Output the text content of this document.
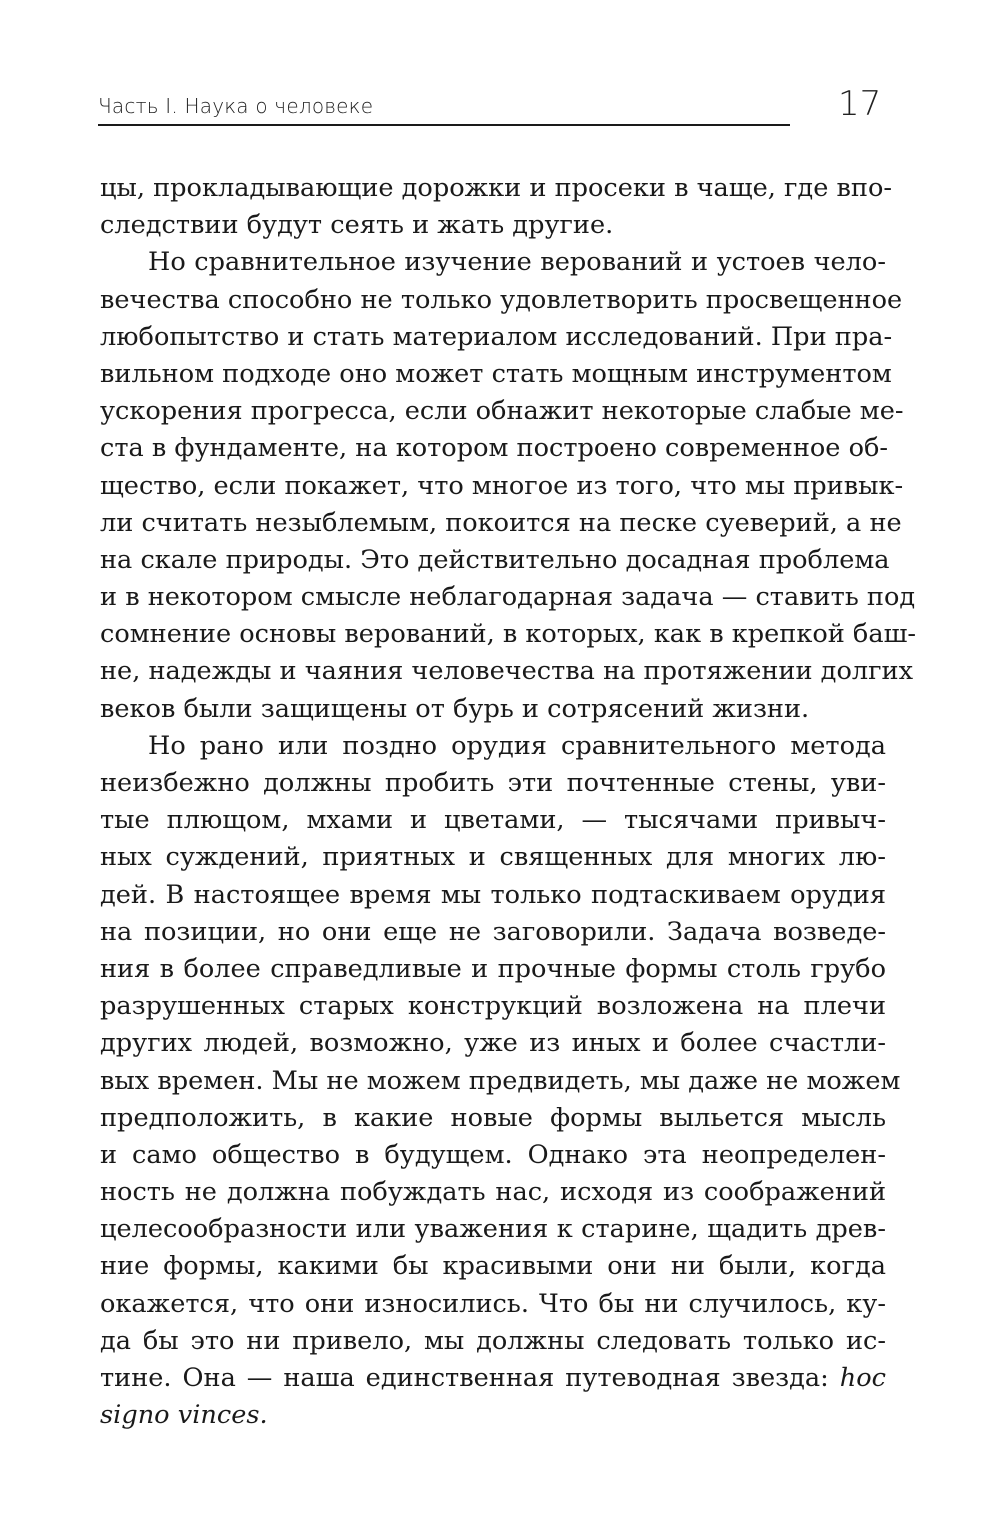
Часть I. Наука о человеке	17
цы, прокладывающие дорожки и просеки в чаще, где впо-
следствии будут сеять и жать другие.
Но сравнительное изучение верований и устоев чело-
вечества способно не только удовлетворить просвещенное
любопытство и стать материалом исследований. При пра-
вильном подходе оно может стать мощным инструментом
ускорения прогресса, если обнажит некоторые слабые ме-
ста в фундаменте, на котором построено современное об-
щество, если покажет, что многое из того, что мы привык-
ли считать незыблемым, покоится на песке суеверий, а не
на скале природы. Это действительно досадная проблема
и в некотором смысле неблагодарная задача — ставить под
сомнение основы верований, в которых, как в крепкой баш-
не, надежды и чаяния человечества на протяжении долгих
веков были защищены от бурь и сотрясений жизни.
Но рано или поздно орудия сравнительного метода
неизбежно должны пробить эти почтенные стены, уви-
тые плющом, мхами и цветами, — тысячами привыч-
ных суждений, приятных и священных для многих лю-
дей. В настоящее время мы только подтаскиваем орудия
на позиции, но они еще не заговорили. Задача возведе-
ния в более справедливые и прочные формы столь грубо
разрушенных старых конструкций возложена на плечи
других людей, возможно, уже из иных и более счастли-
вых времен. Мы не можем предвидеть, мы даже не можем
предположить, в какие новые формы выльется мысль
и само общество в будущем. Однако эта неопределен-
ность не должна побуждать нас, исходя из соображений
целесообразности или уважения к старине, щадить древ-
ние формы, какими бы красивыми они ни были, когда
окажется, что они износились. Что бы ни случилось, ку-
да бы это ни привело, мы должны следовать только ис-
тине. Она — наша единственная путеводная звезда: hoc
signo vinces.
